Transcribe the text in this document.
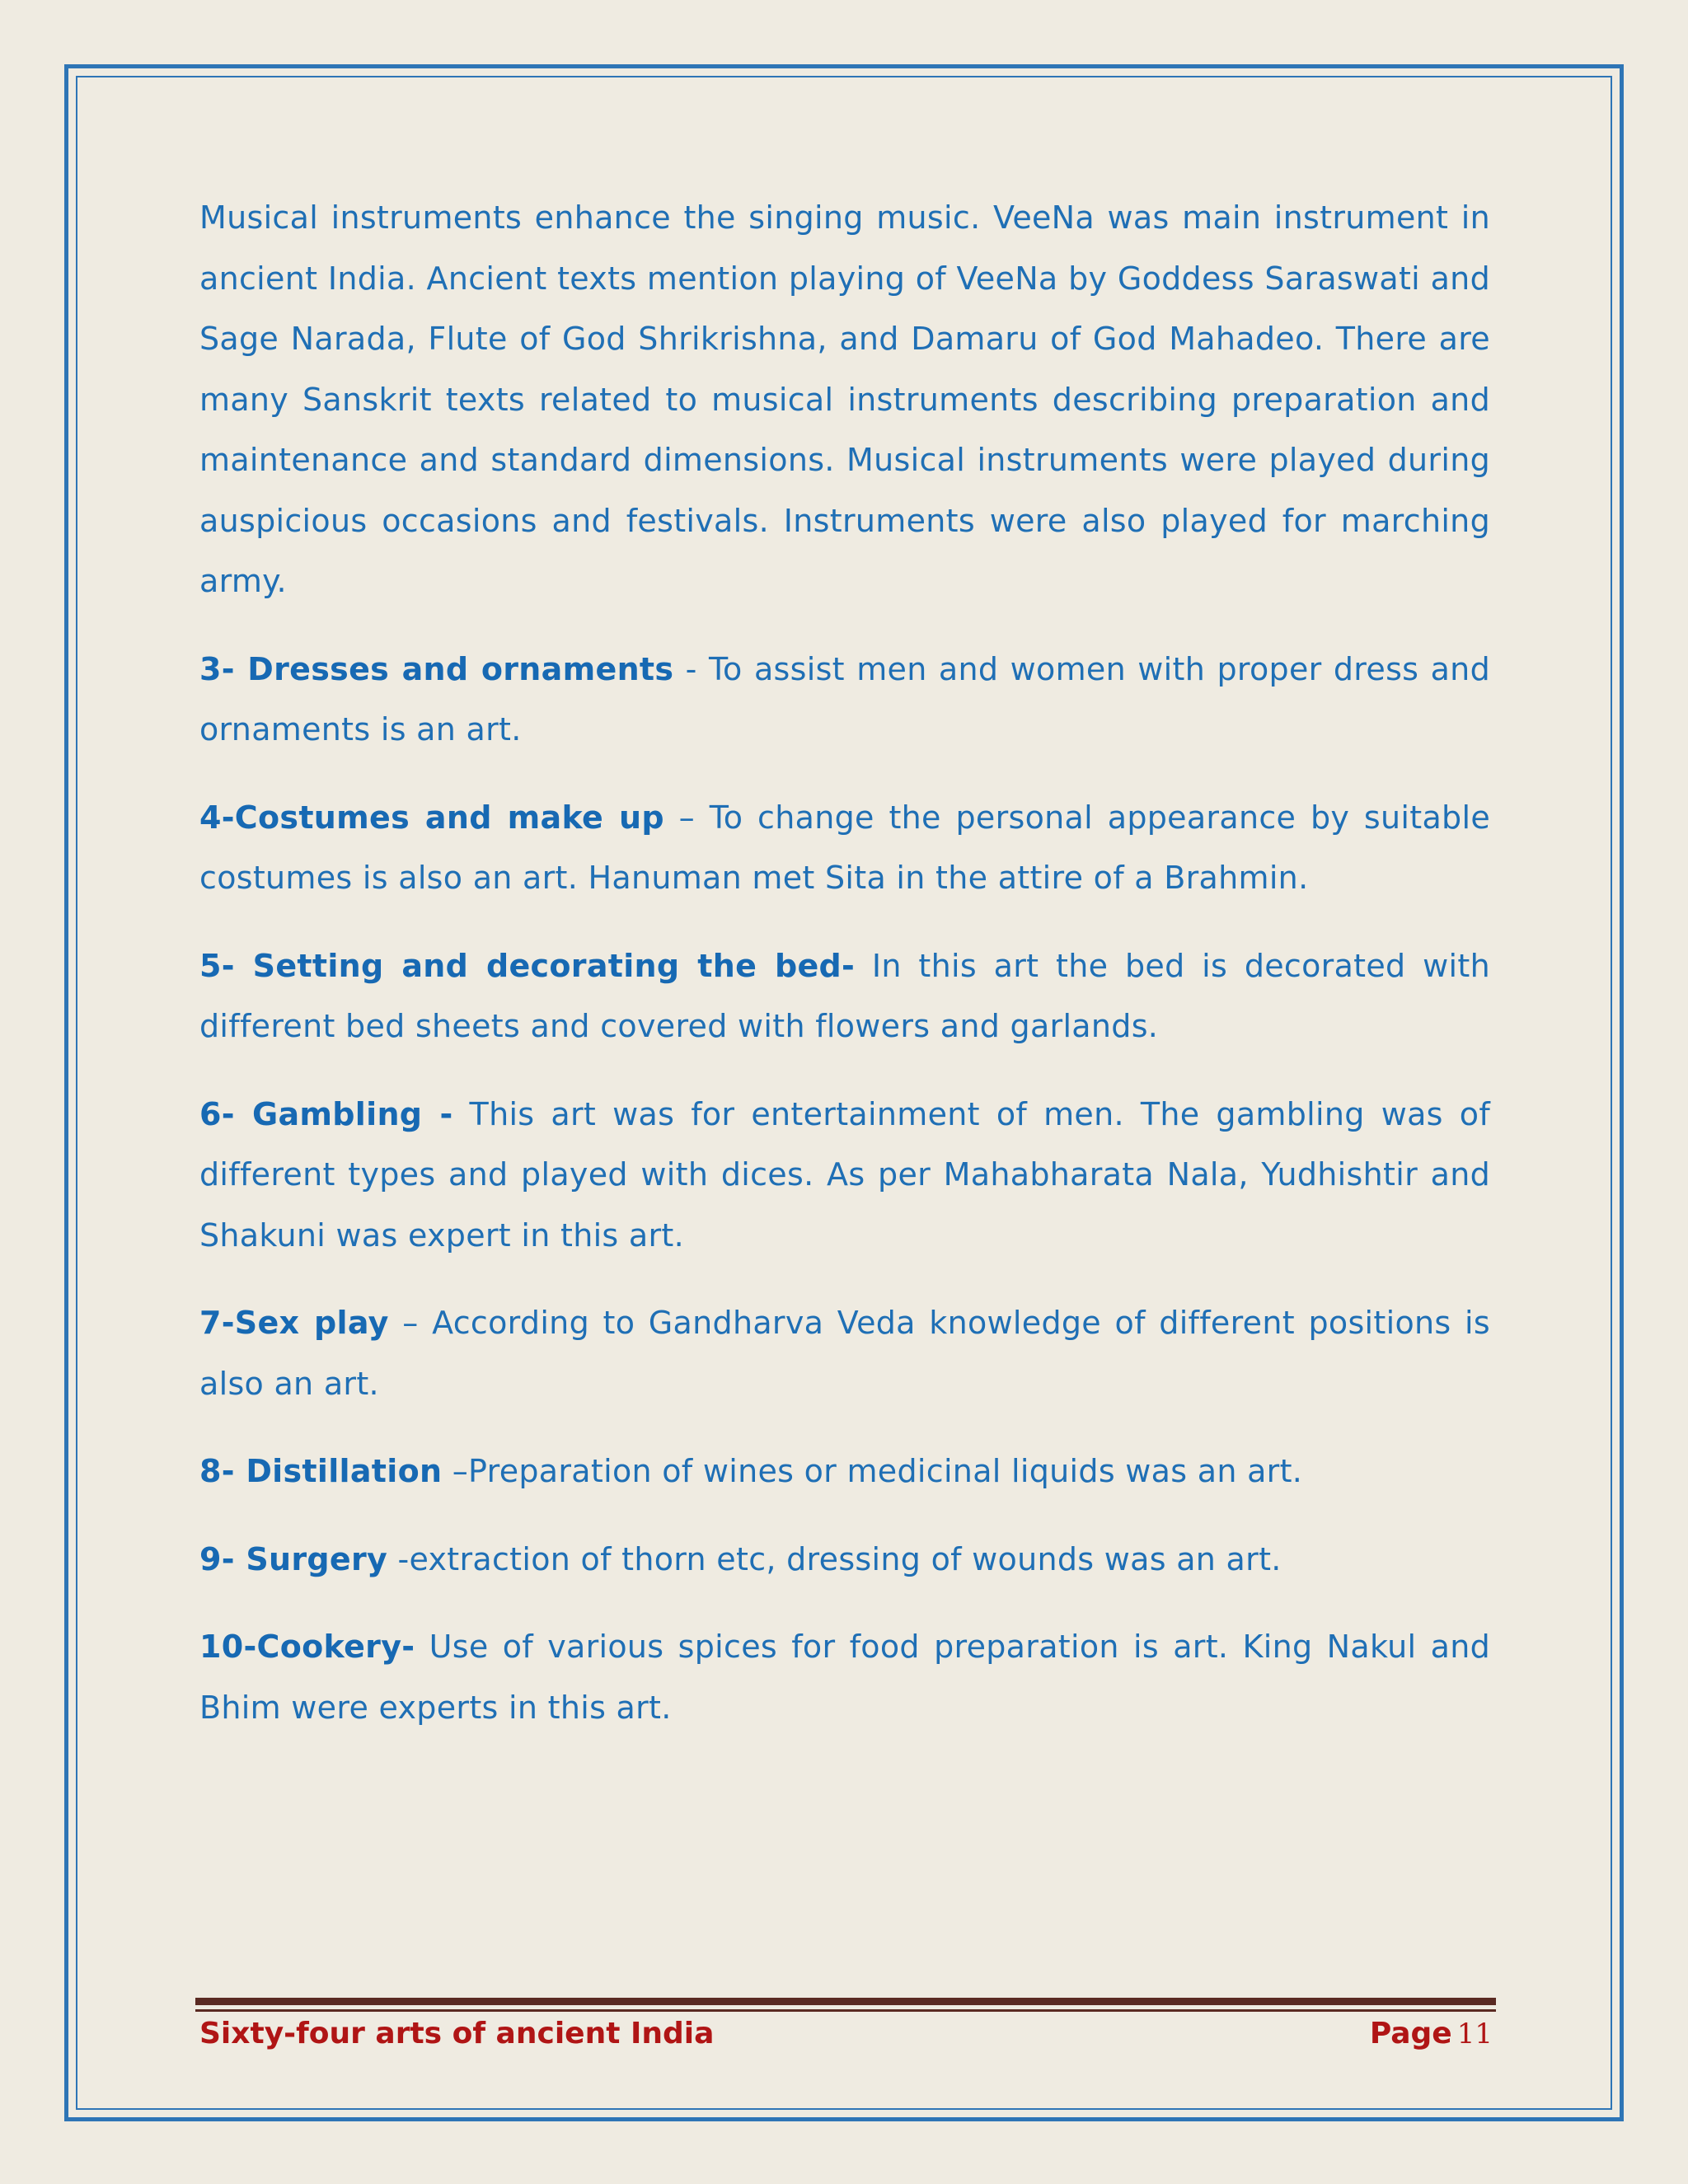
Musical instruments enhance the singing music. VeeNa was main instrument in ancient India. Ancient texts mention playing of VeeNa by Goddess Saraswati and Sage Narada, Flute of God Shrikrishna, and Damaru of God Mahadeo. There are many Sanskrit texts related to musical instruments describing preparation and maintenance and standard dimensions. Musical instruments were played during auspicious occasions and festivals. Instruments were also played for marching army.

3- Dresses and ornaments - To assist men and women with proper dress and ornaments is an art.

4-Costumes and make up – To change the personal appearance by suitable costumes is also an art. Hanuman met Sita in the attire of a Brahmin.

5- Setting and decorating the bed- In this art the bed is decorated with different bed sheets and covered with flowers and garlands.

6- Gambling - This art was for entertainment of men. The gambling was of different types and played with dices. As per Mahabharata Nala, Yudhishtir and Shakuni was expert in this art.

7-Sex play – According to Gandharva Veda knowledge of different positions is also an art.

8- Distillation –Preparation of wines or medicinal liquids was an art.

9- Surgery -extraction of thorn etc, dressing of wounds was an art.

10-Cookery- Use of various spices for food preparation is art. King Nakul and Bhim were experts in this art.

Sixty-four arts of ancient India	Page 11
